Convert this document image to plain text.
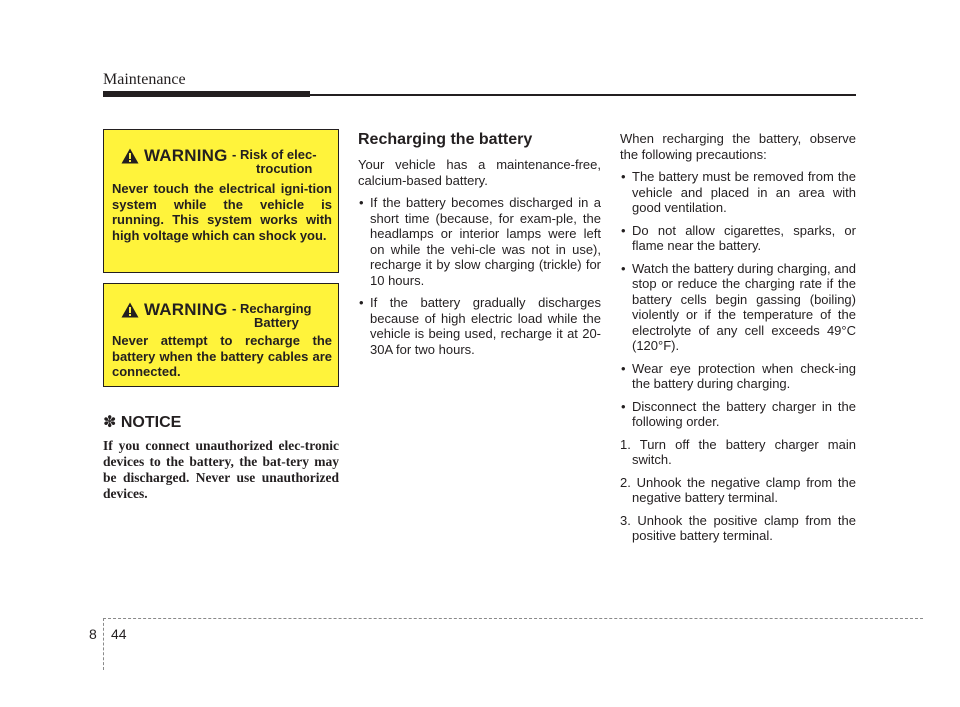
Maintenance
WARNING - Risk of elec-
trocution
Never touch the electrical igni-tion system while the vehicle is running. This system works with high voltage which can shock you.
WARNING - Recharging
Battery
Never attempt to recharge the battery when the battery cables are connected.
✽ NOTICE
If you connect unauthorized elec-tronic devices to the battery, the bat-tery may be discharged. Never use unauthorized devices.
Recharging the battery
Your vehicle has a maintenance-free, calcium-based battery.
• If the battery becomes discharged in a short time (because, for exam-ple, the headlamps or interior lamps were left on while the vehi-cle was not in use), recharge it by slow charging (trickle) for 10 hours.
• If the battery gradually discharges because of high electric load while the vehicle is being used, recharge it at 20-30A for two hours.
When recharging the battery, observe the following precautions:
• The battery must be removed from the vehicle and placed in an area with good ventilation.
• Do not allow cigarettes, sparks, or flame near the battery.
• Watch the battery during charging, and stop or reduce the charging rate if the battery cells begin gassing (boiling) violently or if the temperature of the electrolyte of any cell exceeds 49°C (120°F).
• Wear eye protection when check-ing the battery during charging.
• Disconnect the battery charger in the following order.
1. Turn off the battery charger main switch.
2. Unhook the negative clamp from the negative battery terminal.
3. Unhook the positive clamp from the positive battery terminal.
8 44
